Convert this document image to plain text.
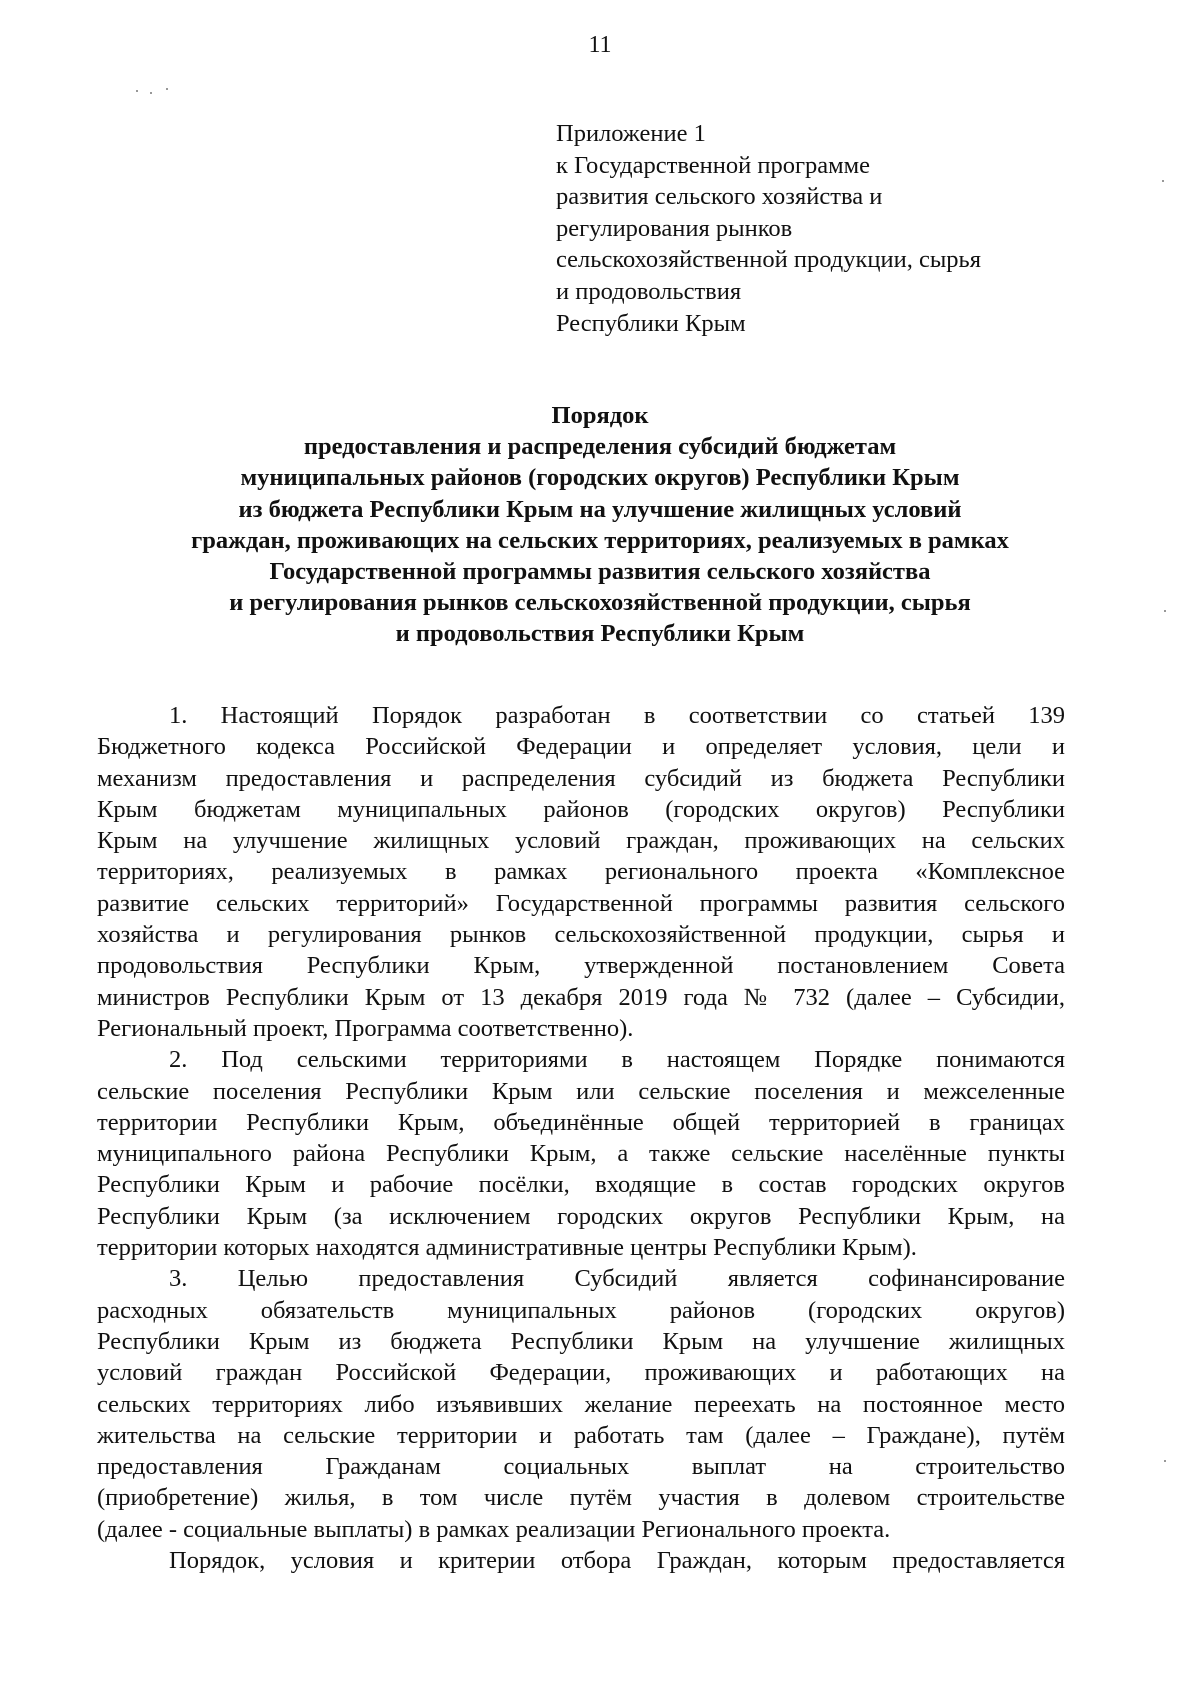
11
Приложение 1
к Государственной программе
развития сельского хозяйства и
регулирования рынков
сельскохозяйственной продукции, сырья
и продовольствия
Республики Крым
Порядок
предоставления и распределения субсидий бюджетам
муниципальных районов (городских округов) Республики Крым
из бюджета Республики Крым на улучшение жилищных условий
граждан, проживающих на сельских территориях, реализуемых в рамках
Государственной программы развития сельского хозяйства
и регулирования рынков сельскохозяйственной продукции, сырья
и продовольствия Республики Крым
1. Настоящий Порядок разработан в соответствии со статьей 139
Бюджетного кодекса Российской Федерации и определяет условия, цели и
механизм предоставления и распределения субсидий из бюджета Республики
Крым бюджетам муниципальных районов (городских округов) Республики
Крым на улучшение жилищных условий граждан, проживающих на сельских
территориях, реализуемых в рамках регионального проекта «Комплексное
развитие сельских территорий» Государственной программы развития сельского
хозяйства и регулирования рынков сельскохозяйственной продукции, сырья и
продовольствия Республики Крым, утвержденной постановлением Совета
министров Республики Крым от 13 декабря 2019 года № 732 (далее – Субсидии,
Региональный проект, Программа соответственно).
2. Под сельскими территориями в настоящем Порядке понимаются
сельские поселения Республики Крым или сельские поселения и межселенные
территории Республики Крым, объединённые общей территорией в границах
муниципального района Республики Крым, а также сельские населённые пункты
Республики Крым и рабочие посёлки, входящие в состав городских округов
Республики Крым (за исключением городских округов Республики Крым, на
территории которых находятся административные центры Республики Крым).
3. Целью предоставления Субсидий является софинансирование
расходных обязательств муниципальных районов (городских округов)
Республики Крым из бюджета Республики Крым на улучшение жилищных
условий граждан Российской Федерации, проживающих и работающих на
сельских территориях либо изъявивших желание переехать на постоянное место
жительства на сельские территории и работать там (далее – Граждане), путём
предоставления Гражданам социальных выплат на строительство
(приобретение) жилья, в том числе путём участия в долевом строительстве
(далее - социальные выплаты) в рамках реализации Регионального проекта.
Порядок, условия и критерии отбора Граждан, которым предоставляется
